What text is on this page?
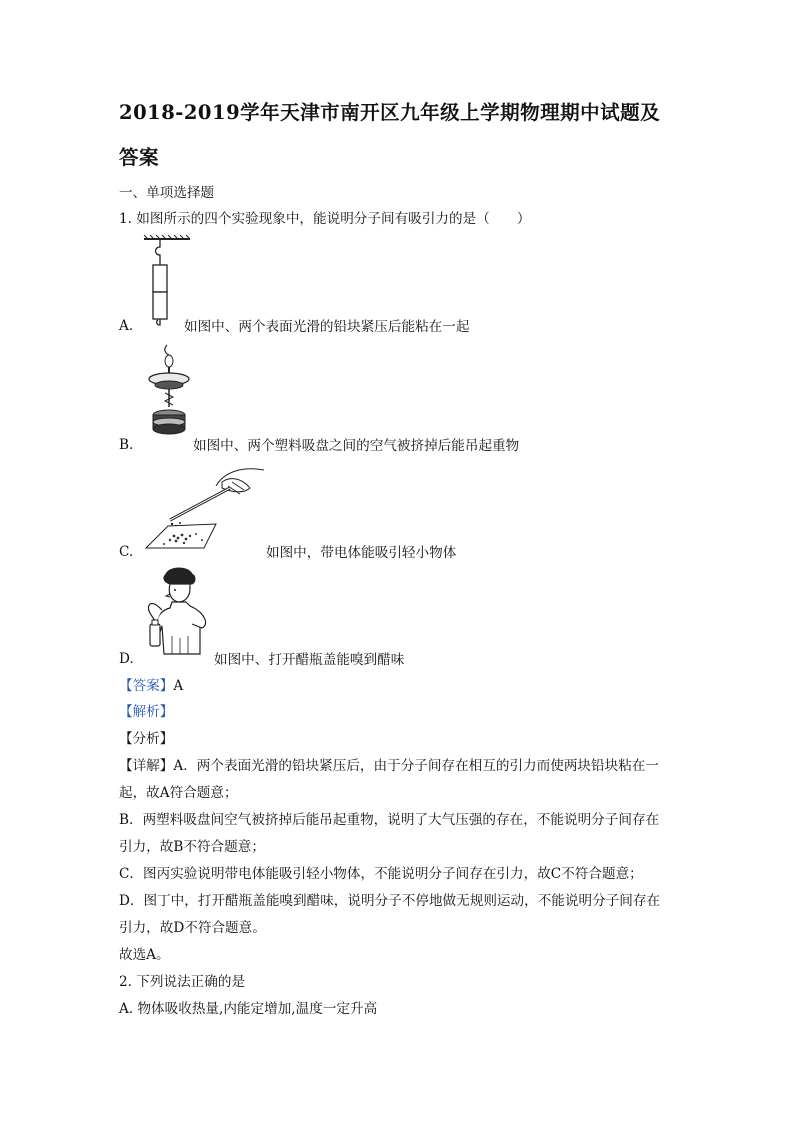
2018-2019学年天津市南开区九年级上学期物理期中试题及
答案
一、单项选择题
1. 如图所示的四个实验现象中，能说明分子间有吸引力的是（　　）
A.	如图中、两个表面光滑的铅块紧压后能粘在一起
B.	如图中、两个塑料吸盘之间的空气被挤掉后能吊起重物
C.	如图中，带电体能吸引轻小物体
D.	如图中、打开醋瓶盖能嗅到醋味
【答案】A
【解析】
【分析】
【详解】A．两个表面光滑的铅块紧压后，由于分子间存在相互的引力而使两块铅块粘在一
起，故A符合题意；
B．两塑料吸盘间空气被挤掉后能吊起重物，说明了大气压强的存在，不能说明分子间存在
引力，故B不符合题意；
C．图丙实验说明带电体能吸引轻小物体，不能说明分子间存在引力，故C不符合题意；
D．图丁中，打开醋瓶盖能嗅到醋味，说明分子不停地做无规则运动，不能说明分子间存在
引力，故D不符合题意。
故选A。
2. 下列说法正确的是
A. 物体吸收热量,内能定增加,温度一定升高
